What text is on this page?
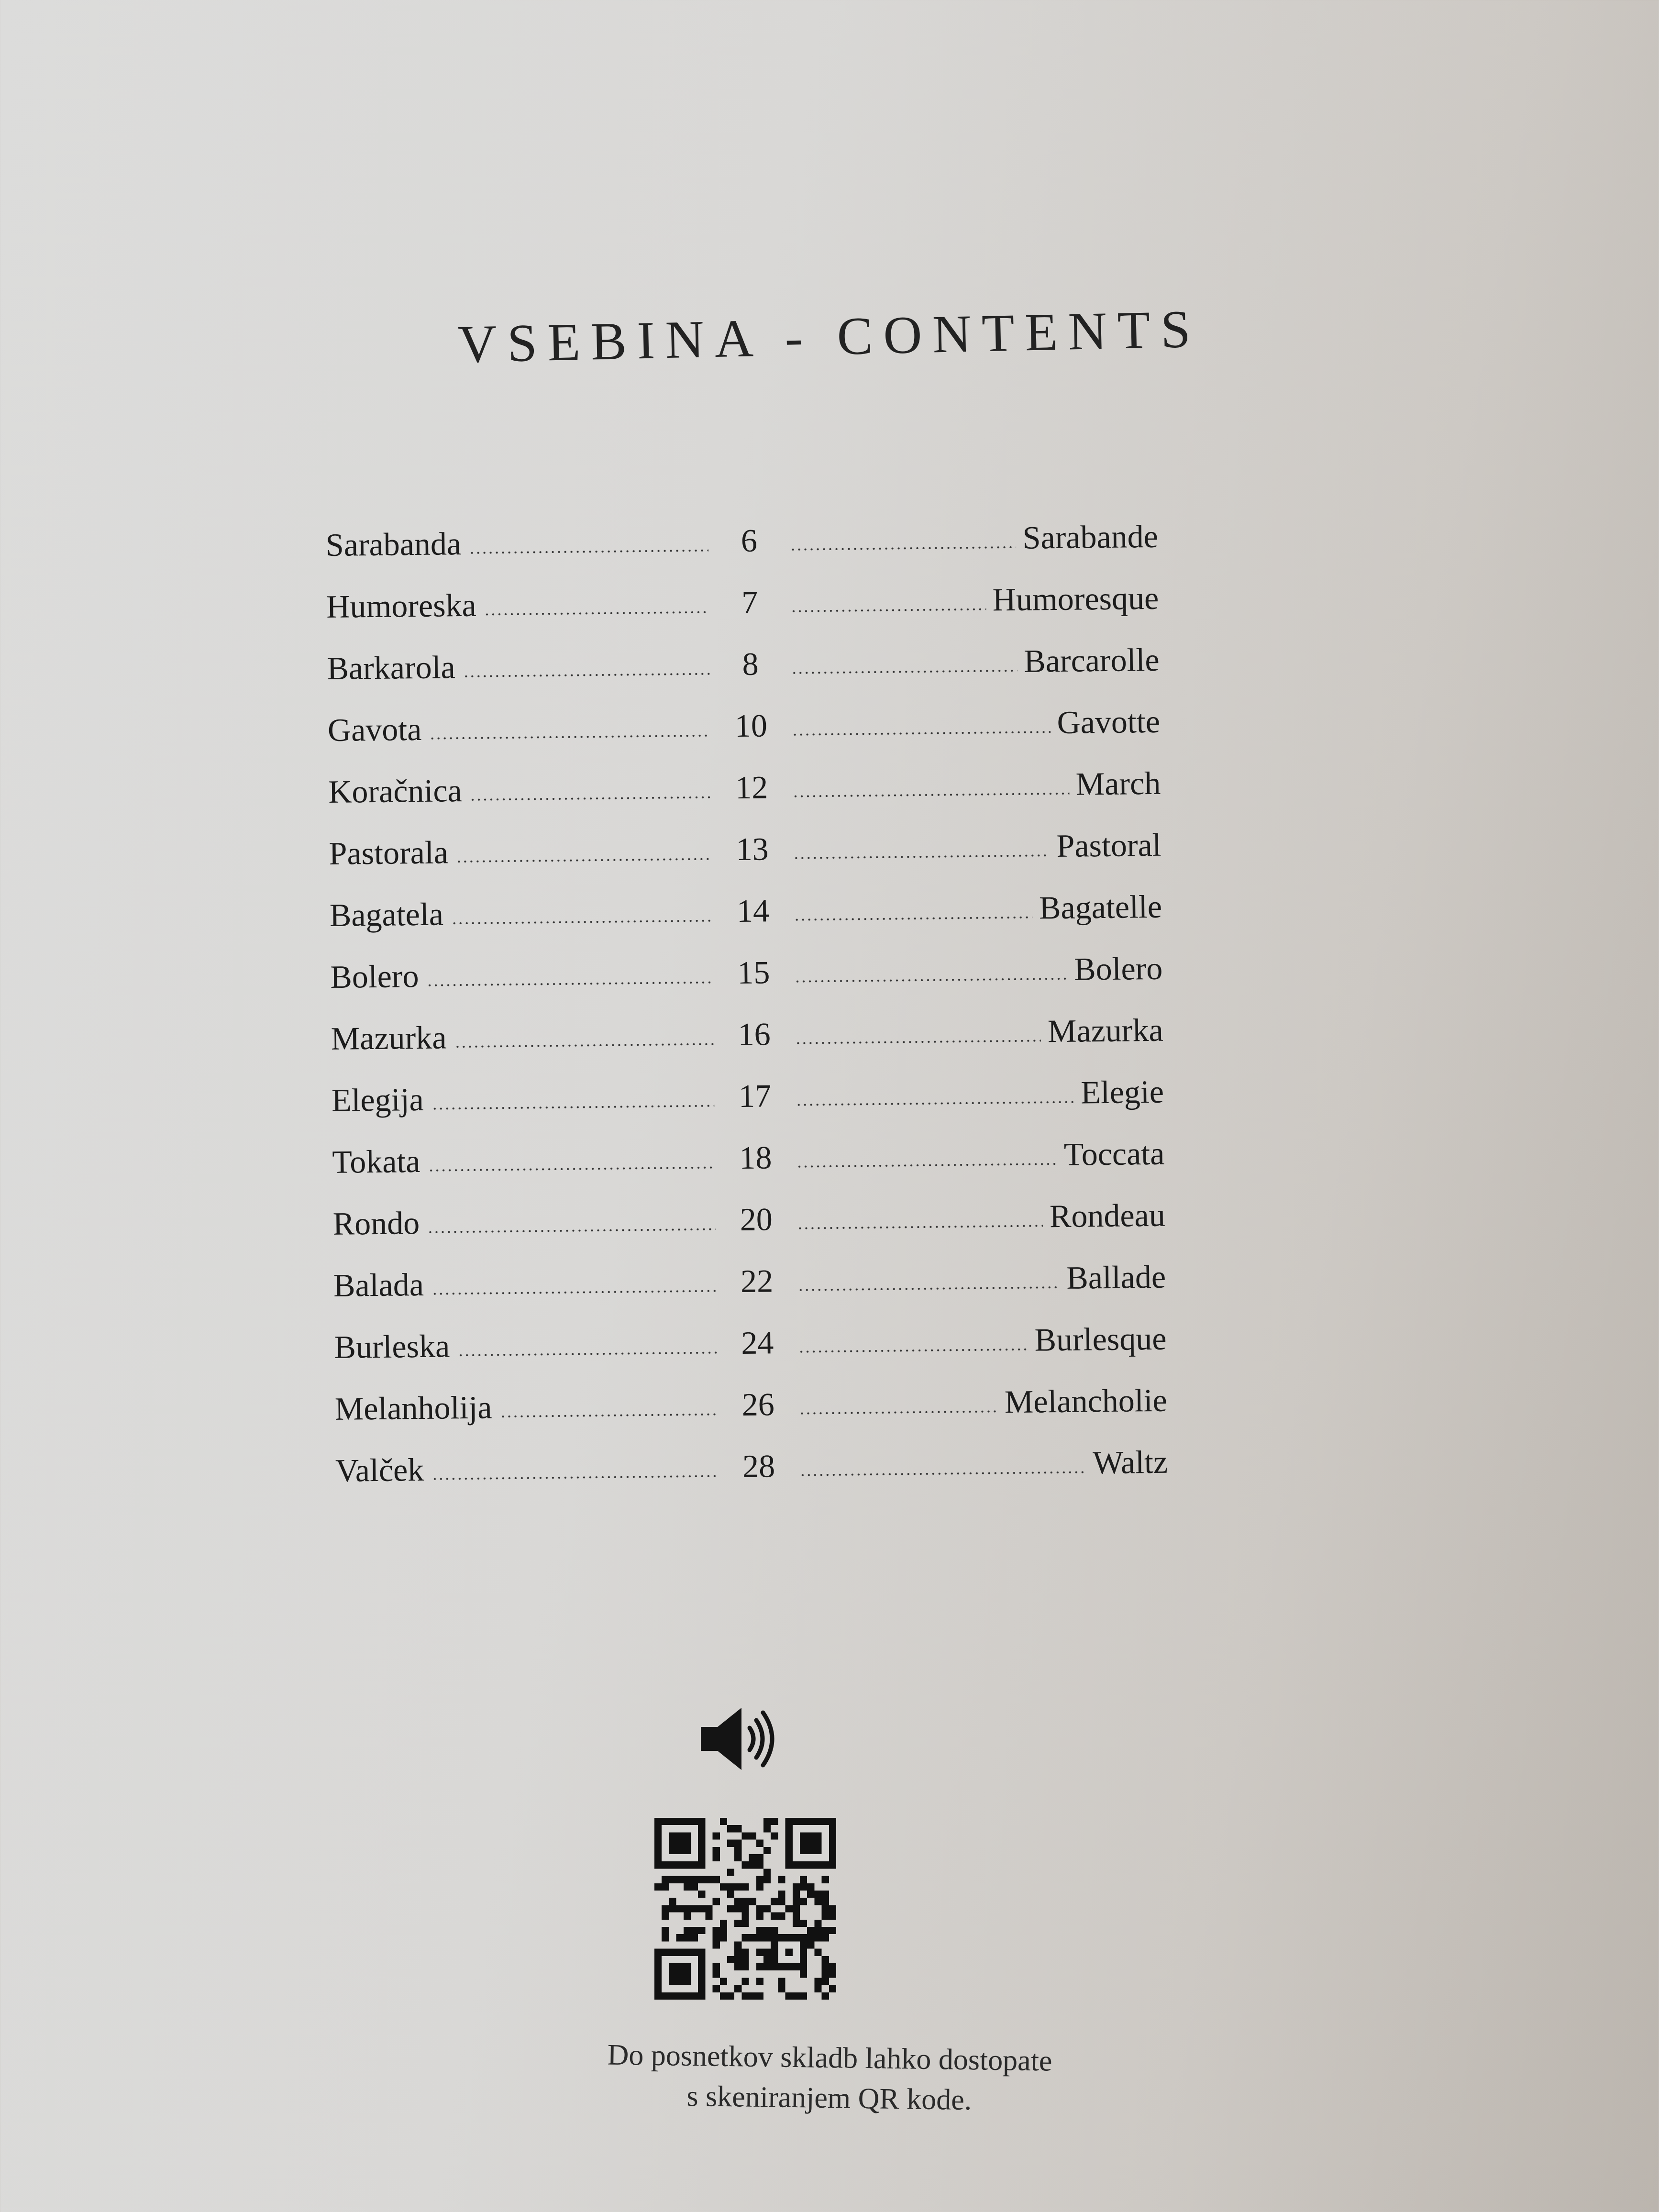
VSEBINA - CONTENTS
Sarabanda	6	Sarabande
Humoreska	7	Humoresque
Barkarola	8	Barcarolle
Gavota	10	Gavotte
Koračnica	12	March
Pastorala	13	Pastoral
Bagatela	14	Bagatelle
Bolero	15	Bolero
Mazurka	16	Mazurka
Elegija	17	Elegie
Tokata	18	Toccata
Rondo	20	Rondeau
Balada	22	Ballade
Burleska	24	Burlesque
Melanholija	26	Melancholie
Valček	28	Waltz
Do posnetkov skladb lahko dostopate
s skeniranjem QR kode.
